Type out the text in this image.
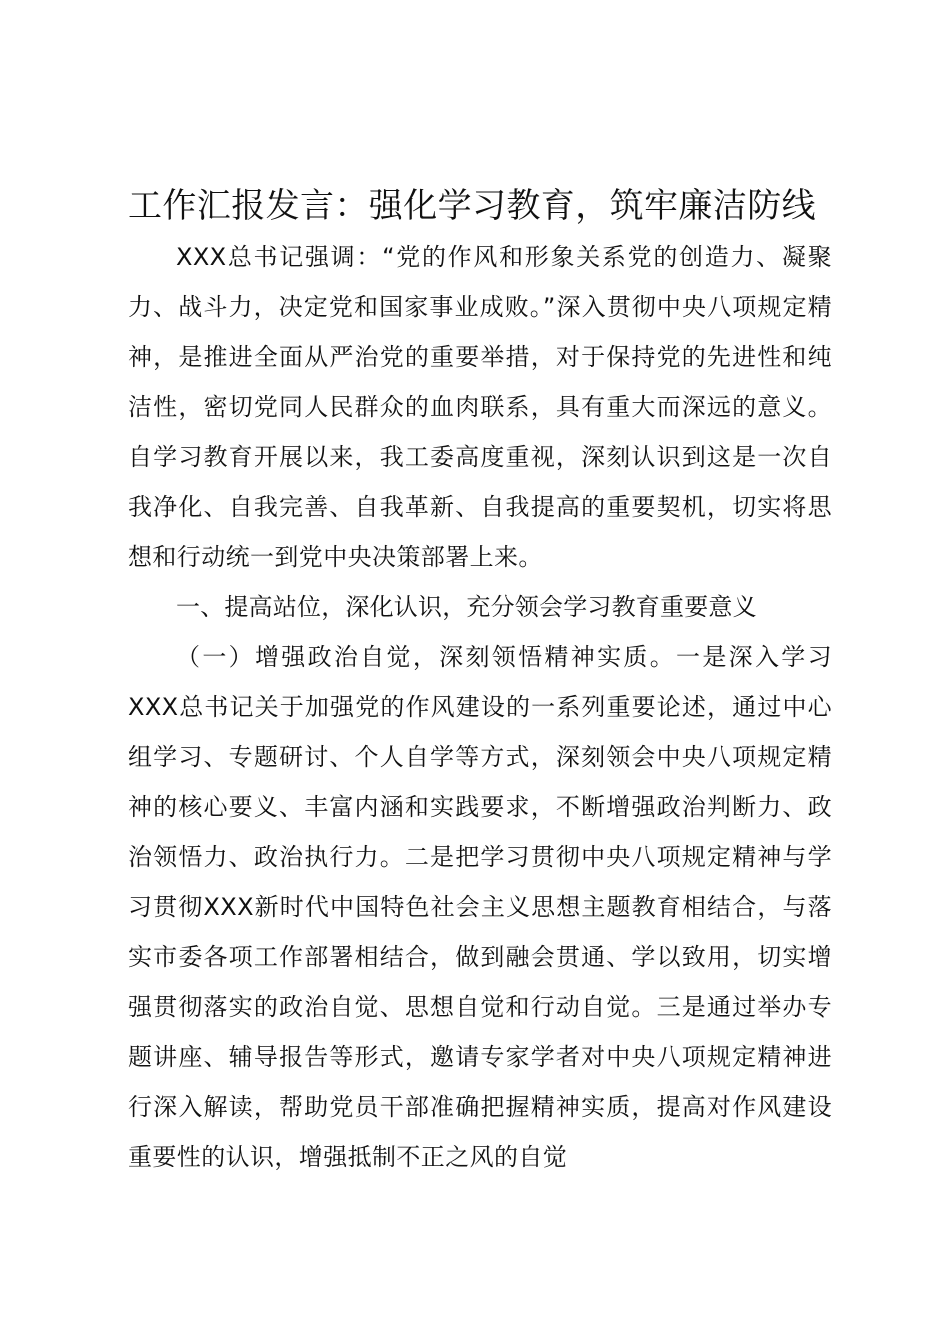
工作汇报发言：强化学习教育，筑牢廉洁防线

XXX总书记强调：“党的作风和形象关系党的创造力、凝聚力、战斗力，决定党和国家事业成败。”深入贯彻中央八项规定精神，是推进全面从严治党的重要举措，对于保持党的先进性和纯洁性，密切党同人民群众的血肉联系，具有重大而深远的意义。自学习教育开展以来，我工委高度重视，深刻认识到这是一次自我净化、自我完善、自我革新、自我提高的重要契机，切实将思想和行动统一到党中央决策部署上来。

一、提高站位，深化认识，充分领会学习教育重要意义

（一）增强政治自觉，深刻领悟精神实质。一是深入学习XXX总书记关于加强党的作风建设的一系列重要论述，通过中心组学习、专题研讨、个人自学等方式，深刻领会中央八项规定精神的核心要义、丰富内涵和实践要求，不断增强政治判断力、政治领悟力、政治执行力。二是把学习贯彻中央八项规定精神与学习贯彻XXX新时代中国特色社会主义思想主题教育相结合，与落实市委各项工作部署相结合，做到融会贯通、学以致用，切实增强贯彻落实的政治自觉、思想自觉和行动自觉。三是通过举办专题讲座、辅导报告等形式，邀请专家学者对中央八项规定精神进行深入解读，帮助党员干部准确把握精神实质，提高对作风建设重要性的认识，增强抵制不正之风的自觉
